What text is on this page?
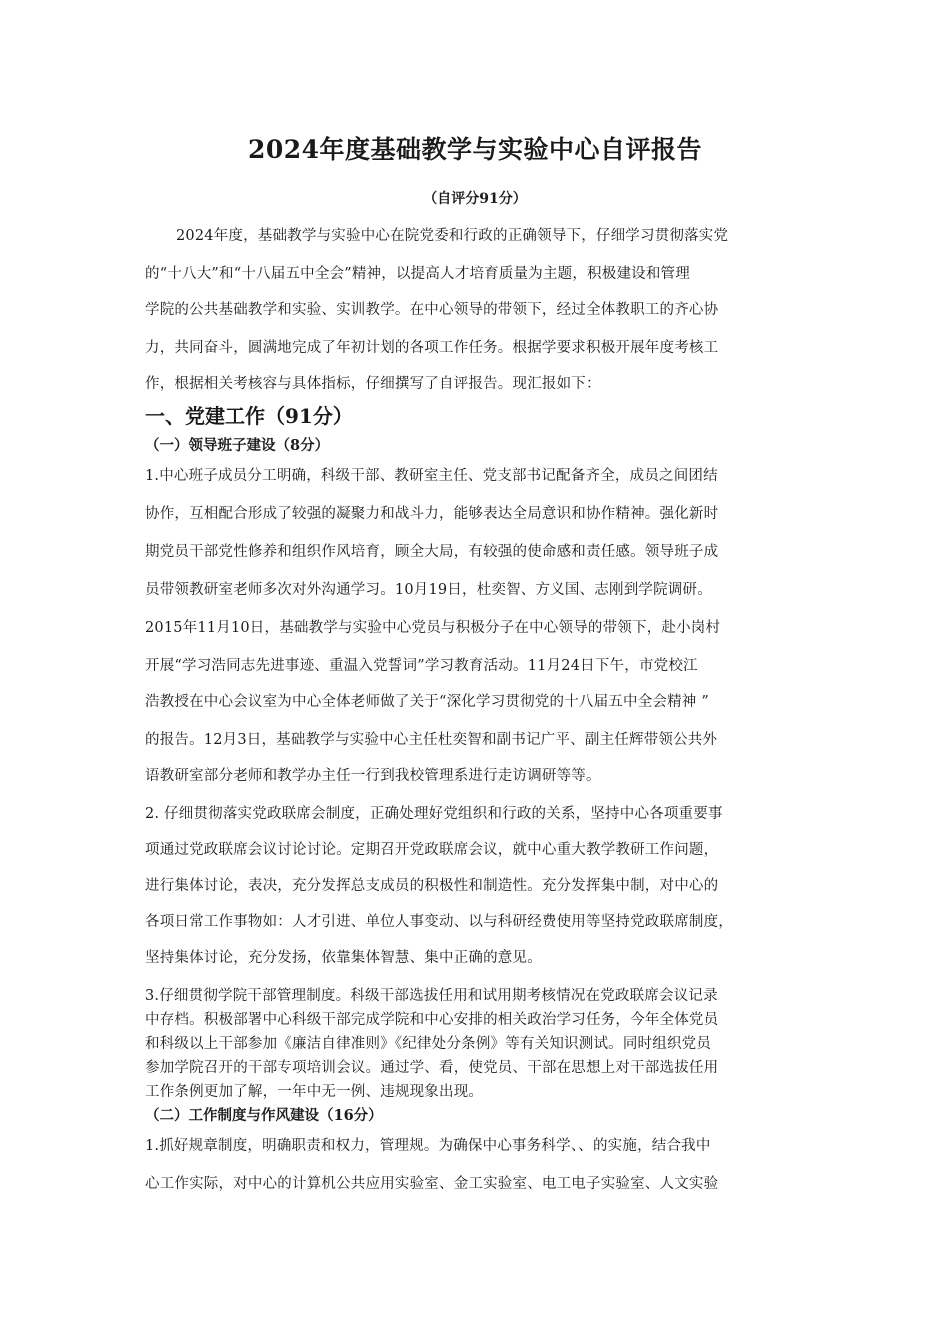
2024年度基础教学与实验中心自评报告
（自评分91分）
2024年度，基础教学与实验中心在院党委和行政的正确领导下，仔细学习贯彻落实党
的“十八大”和“十八届五中全会”精神，以提高人才培育质量为主题，积极建设和管理
学院的公共基础教学和实验、实训教学。在中心领导的带领下，经过全体教职工的齐心协
力，共同奋斗，圆满地完成了年初计划的各项工作任务。根据学要求积极开展年度考核工
作，根据相关考核容与具体指标，仔细撰写了自评报告。现汇报如下：
一、党建工作（91分）
（一）领导班子建设（8分）
1.中心班子成员分工明确，科级干部、教研室主任、党支部书记配备齐全，成员之间团结
协作，互相配合形成了较强的凝聚力和战斗力，能够表达全局意识和协作精神。强化新时
期党员干部党性修养和组织作风培育，顾全大局，有较强的使命感和责任感。领导班子成
员带领教研室老师多次对外沟通学习。10月19日，杜奕智、方义国、志刚到学院调研。
2015年11月10日，基础教学与实验中心党员与积极分子在中心领导的带领下，赴小岗村
开展“学习浩同志先进事迹、重温入党誓词”学习教育活动。11月24日下午，市党校江
浩教授在中心会议室为中心全体老师做了关于“深化学习贯彻党的十八届五中全会精神 ”
的报告。12月3日，基础教学与实验中心主任杜奕智和副书记广平、副主任辉带领公共外
语教研室部分老师和教学办主任一行到我校管理系进行走访调研等等。
2. 仔细贯彻落实党政联席会制度，正确处理好党组织和行政的关系，坚持中心各项重要事
项通过党政联席会议讨论讨论。定期召开党政联席会议，就中心重大教学教研工作问题，
进行集体讨论，表决，充分发挥总支成员的积极性和制造性。充分发挥集中制，对中心的
各项日常工作事物如：人才引进、单位人事变动、以与科研经费使用等坚持党政联席制度，
坚持集体讨论，充分发扬，依靠集体智慧、集中正确的意见。
3.仔细贯彻学院干部管理制度。科级干部选拔任用和试用期考核情况在党政联席会议记录
中存档。积极部署中心科级干部完成学院和中心安排的相关政治学习任务，今年全体党员
和科级以上干部参加《廉洁自律准则》《纪律处分条例》等有关知识测试。同时组织党员
参加学院召开的干部专项培训会议。通过学、看，使党员、干部在思想上对干部选拔任用
工作条例更加了解，一年中无一例、违规现象出现。
（二）工作制度与作风建设（16分）
1.抓好规章制度，明确职责和权力，管理规。为确保中心事务科学、、的实施，结合我中
心工作实际，对中心的计算机公共应用实验室、金工实验室、电工电子实验室、人文实验
